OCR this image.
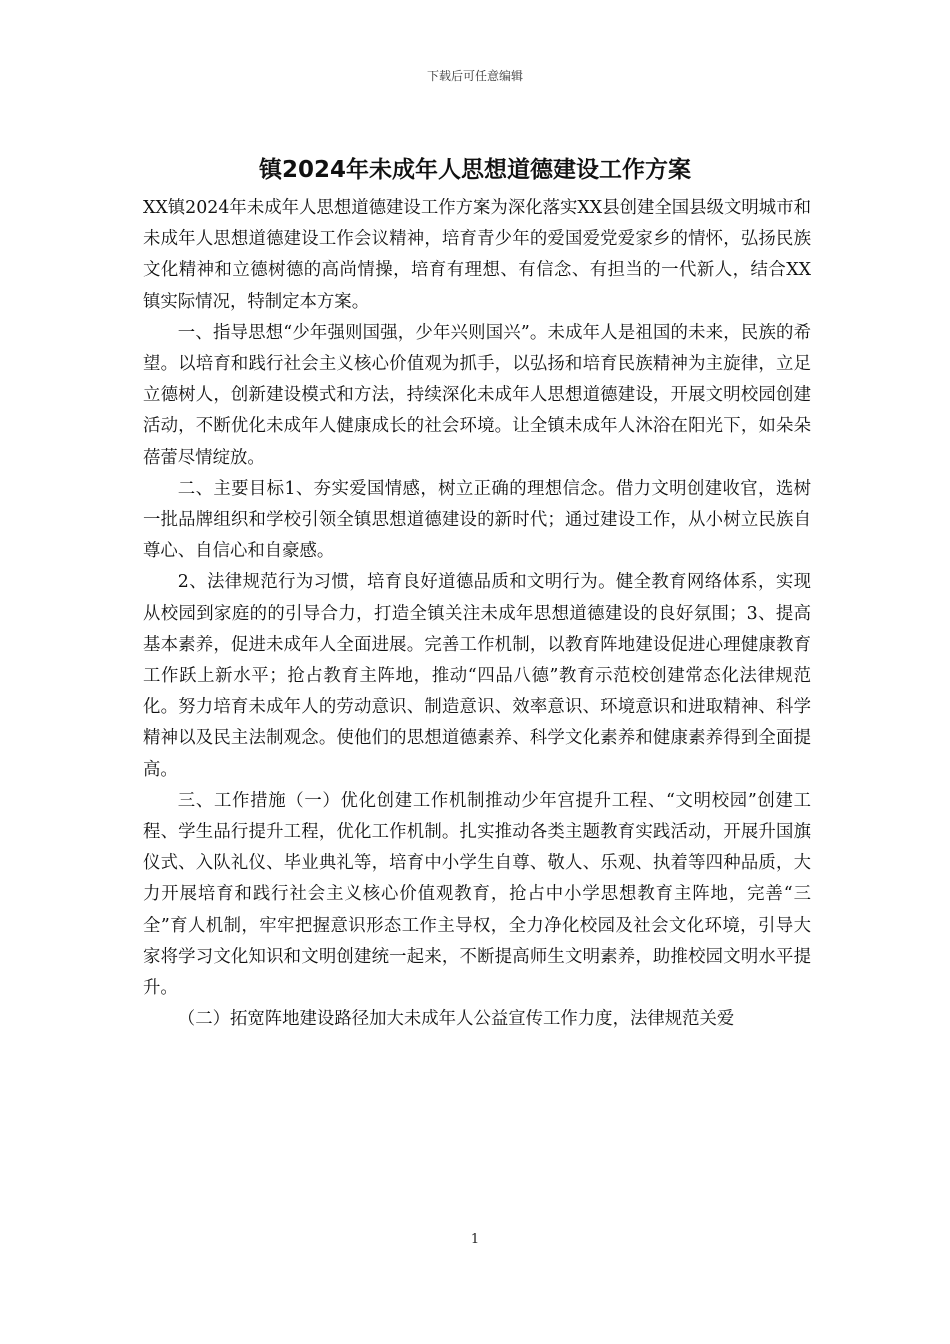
下载后可任意编辑
镇2024年未成年人思想道德建设工作方案

XX镇2024年未成年人思想道德建设工作方案为深化落实XX县创建全国县级文明城市和未成年人思想道德建设工作会议精神，培育青少年的爱国爱党爱家乡的情怀，弘扬民族文化精神和立德树德的高尚情操，培育有理想、有信念、有担当的一代新人，结合XX镇实际情况，特制定本方案。

一、指导思想“少年强则国强，少年兴则国兴”。未成年人是祖国的未来，民族的希望。以培育和践行社会主义核心价值观为抓手，以弘扬和培育民族精神为主旋律，立足立德树人，创新建设模式和方法，持续深化未成年人思想道德建设，开展文明校园创建活动，不断优化未成年人健康成长的社会环境。让全镇未成年人沐浴在阳光下，如朵朵蓓蕾尽情绽放。

二、主要目标1、夯实爱国情感，树立正确的理想信念。借力文明创建收官，选树一批品牌组织和学校引领全镇思想道德建设的新时代；通过建设工作，从小树立民族自尊心、自信心和自豪感。

2、法律规范行为习惯，培育良好道德品质和文明行为。健全教育网络体系，实现从校园到家庭的的引导合力，打造全镇关注未成年思想道德建设的良好氛围；3、提高基本素养，促进未成年人全面进展。完善工作机制，以教育阵地建设促进心理健康教育工作跃上新水平；抢占教育主阵地，推动“四品八德”教育示范校创建常态化法律规范化。努力培育未成年人的劳动意识、制造意识、效率意识、环境意识和进取精神、科学精神以及民主法制观念。使他们的思想道德素养、科学文化素养和健康素养得到全面提高。

三、工作措施（一）优化创建工作机制推动少年宫提升工程、“文明校园”创建工程、学生品行提升工程，优化工作机制。扎实推动各类主题教育实践活动，开展升国旗仪式、入队礼仪、毕业典礼等，培育中小学生自尊、敬人、乐观、执着等四种品质，大力开展培育和践行社会主义核心价值观教育，抢占中小学思想教育主阵地，完善“三全”育人机制，牢牢把握意识形态工作主导权，全力净化校园及社会文化环境，引导大家将学习文化知识和文明创建统一起来，不断提高师生文明素养，助推校园文明水平提升。

（二）拓宽阵地建设路径加大未成年人公益宣传工作力度，法律规范关爱

1
